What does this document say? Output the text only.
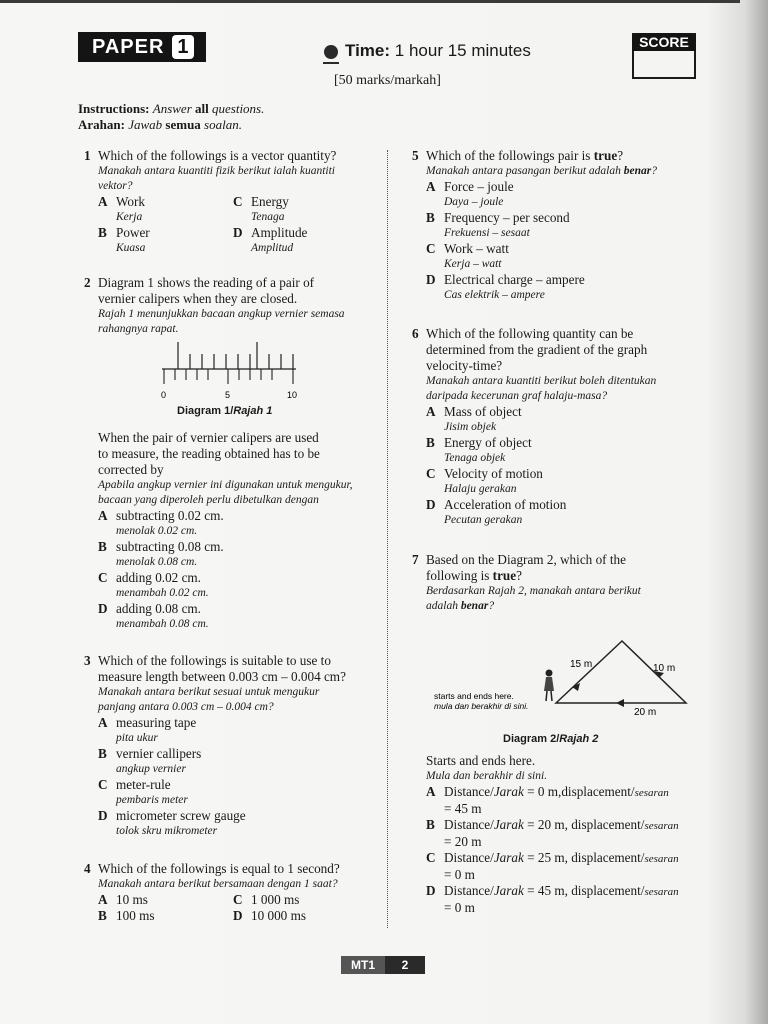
PAPER 1	Time: 1 hour 15 minutes
[50 marks/markah]
SCORE
Instructions: Answer all questions.
Arahan: Jawab semua soalan.
1 Which of the followings is a vector quantity?
Manakah antara kuantiti fizik berikut ialah kuantiti
vektor?
A Work
Kerja
B Power
Kuasa
C Energy
Tenaga
D Amplitude
Amplitud
2 Diagram 1 shows the reading of a pair of
vernier calipers when they are closed.
Rajah 1 menunjukkan bacaan angkup vernier semasa
rahangnya rapat.
0	5	10
Diagram 1/Rajah 1
When the pair of vernier calipers are used
to measure, the reading obtained has to be
corrected by
Apabila angkup vernier ini digunakan untuk mengukur,
bacaan yang diperoleh perlu dibetulkan dengan
A subtracting 0.02 cm.
menolak 0.02 cm.
B subtracting 0.08 cm.
menolak 0.08 cm.
C adding 0.02 cm.
menambah 0.02 cm.
D adding 0.08 cm.
menambah 0.08 cm.
3 Which of the followings is suitable to use to
measure length between 0.003 cm – 0.004 cm?
Manakah antara berikut sesuai untuk mengukur
panjang antara 0.003 cm – 0.004 cm?
A measuring tape
pita ukur
B vernier callipers
angkup vernier
C meter-rule
pembaris meter
D micrometer screw gauge
tolok skru mikrometer
4 Which of the followings is equal to 1 second?
Manakah antara berikut bersamaan dengan 1 saat?
A 10 ms
B 100 ms
C 1 000 ms
D 10 000 ms
5 Which of the followings pair is true?
Manakah antara pasangan berikut adalah benar?
A Force – joule
Daya – joule
B Frequency – per second
Frekuensi – sesaat
C Work – watt
Kerja – watt
D Electrical charge – ampere
Cas elektrik – ampere
6 Which of the following quantity can be
determined from the gradient of the graph
velocity-time?
Manakah antara kuantiti berikut boleh ditentukan
daripada kecerunan graf halaju-masa?
A Mass of object
Jisim objek
B Energy of object
Tenaga objek
C Velocity of motion
Halaju gerakan
D Acceleration of motion
Pecutan gerakan
7 Based on the Diagram 2, which of the
following is true?
Berdasarkan Rajah 2, manakah antara berikut
adalah benar?
15 m	10 m
20 m
starts and ends here.
mula dan berakhir di sini.
Diagram 2/Rajah 2
Starts and ends here.
Mula dan berakhir di sini.
A Distance/Jarak = 0 m,displacement/sesaran
= 45 m
B Distance/Jarak = 20 m, displacement/sesaran
= 20 m
C Distance/Jarak = 25 m, displacement/sesaran
= 0 m
D Distance/Jarak = 45 m, displacement/sesaran
= 0 m
MT1	2
